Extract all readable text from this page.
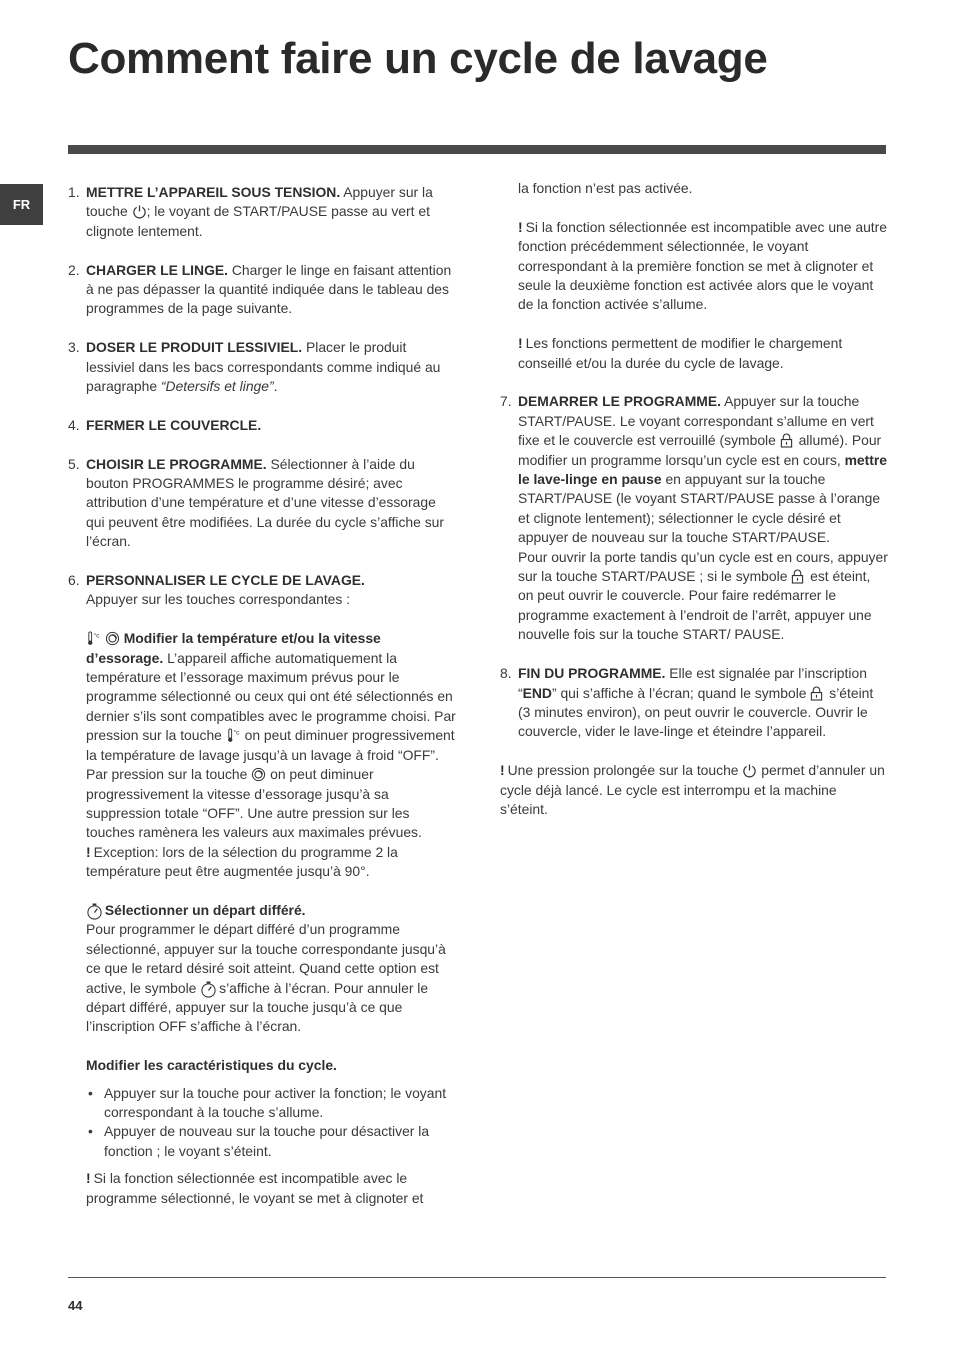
Comment faire un cycle de lavage
FR
1. METTRE L’APPAREIL SOUS TENSION. Appuyer sur la touche ; le voyant de START/PAUSE passe au vert et clignote lentement.
2. CHARGER LE LINGE. Charger le linge en faisant attention à ne pas dépasser la quantité indiquée dans le tableau des programmes de la page suivante.
3. DOSER LE PRODUIT LESSIVIEL. Placer le produit lessiviel dans les bacs correspondants comme indiqué au paragraphe “Detersifs et linge”.
4. FERMER LE COUVERCLE.
5. CHOISIR LE PROGRAMME. Sélectionner à l’aide du bouton PROGRAMMES le programme désiré; avec attribution d’une température et d’une vitesse d’essorage qui peuvent être modifiées. La durée du cycle s’affiche sur l’écran.
6. PERSONNALISER LE CYCLE DE LAVAGE.
Appuyer sur les touches correspondantes :
°c
Modifier la température et/ou la vitesse d’essorage. L’appareil affiche automatiquement la température et l’essorage maximum prévus pour le programme sélectionné ou ceux qui ont été sélectionnés en dernier s’ils sont compatibles avec le programme choisi. Par pression sur la touche °c on peut diminuer progressivement la température de lavage jusqu’à un lavage à froid “OFF”. Par pression sur la touche on peut diminuer progressivement la vitesse d’essorage jusqu’à sa suppression totale “OFF”. Une autre pression sur les touches ramènera les valeurs aux maximales prévues.
! Exception: lors de la sélection du programme 2 la température peut être augmentée jusqu’à 90°.
Sélectionner un départ différé.
Pour programmer le départ différé d’un programme sélectionné, appuyer sur la touche correspondante jusqu’à ce que le retard désiré soit atteint. Quand cette option est active, le symbole s’affiche à l’écran. Pour annuler le départ différé, appuyer sur la touche jusqu’à ce que l’inscription OFF s’affiche à l’écran.
Modifier les caractéristiques du cycle.
• Appuyer sur la touche pour activer la fonction; le voyant correspondant à la touche s’allume.
• Appuyer de nouveau sur la touche pour désactiver la fonction ; le voyant s’éteint.
! Si la fonction sélectionnée est incompatible avec le programme sélectionné, le voyant se met à clignoter et
la fonction n’est pas activée.
! Si la fonction sélectionnée est incompatible avec une autre fonction précédemment sélectionnée, le voyant correspondant à la première fonction se met à clignoter et seule la deuxième fonction est activée alors que le voyant de la fonction activée s’allume.
! Les fonctions permettent de modifier le chargement conseillé et/ou la durée du cycle de lavage.
7. DEMARRER LE PROGRAMME. Appuyer sur la touche START/PAUSE. Le voyant correspondant s’allume en vert fixe et le couvercle est verrouillé (symbole allumé). Pour modifier un programme lorsqu’un cycle est en cours, mettre le lave-linge en pause en appuyant sur la touche START/PAUSE (le voyant START/PAUSE passe à l’orange et clignote lentement); sélectionner le cycle désiré et appuyer de nouveau sur la touche START/PAUSE.
Pour ouvrir la porte tandis qu’un cycle est en cours, appuyer sur la touche START/PAUSE ; si le symbole est éteint, on peut ouvrir le couvercle. Pour faire redémarrer le programme exactement à l’endroit de l’arrêt, appuyer une nouvelle fois sur la touche START/ PAUSE.
8. FIN DU PROGRAMME. Elle est signalée par l’inscription “END” qui s’affiche à l’écran; quand le symbole s’éteint (3 minutes environ), on peut ouvrir le couvercle. Ouvrir le couvercle, vider le lave-linge et éteindre l’appareil.
! Une pression prolongée sur la touche permet d’annuler un cycle déjà lancé. Le cycle est interrompu et la machine s’éteint.
44
